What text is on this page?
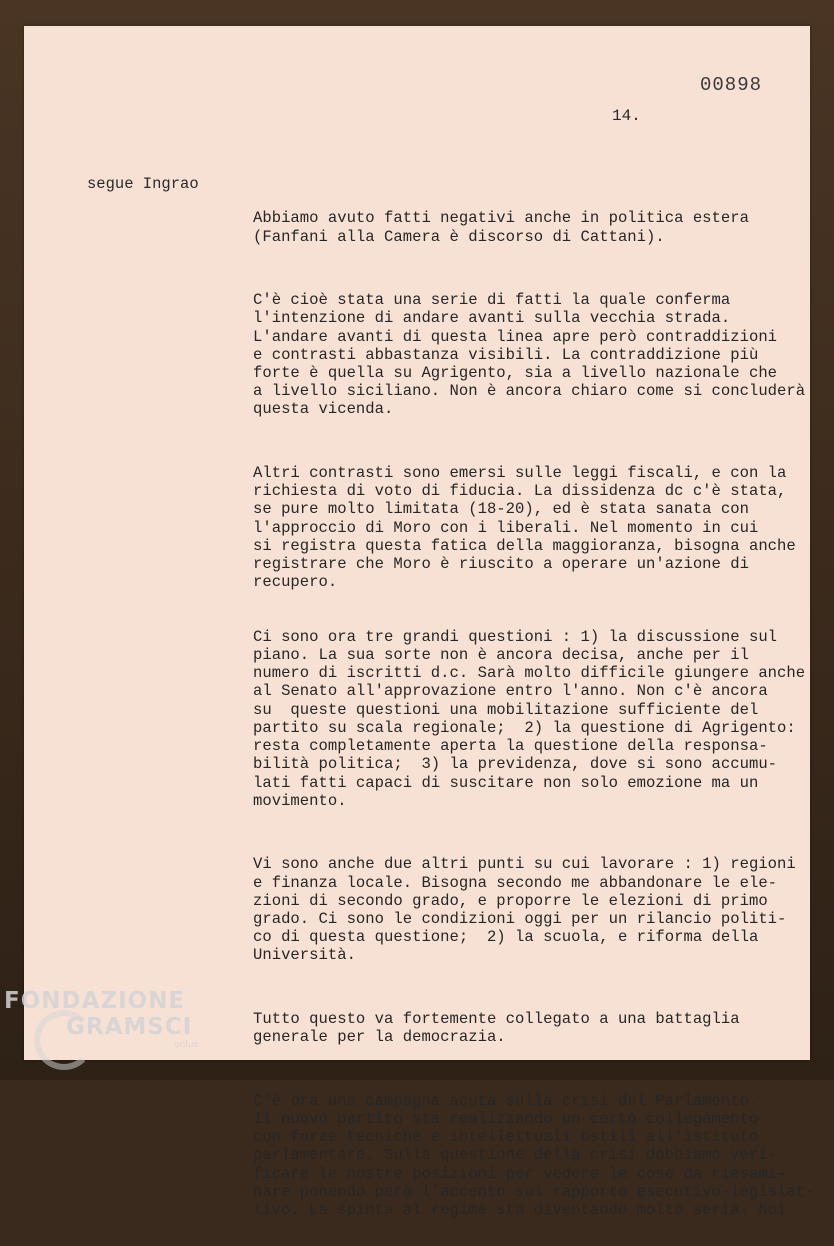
00898
14.
segue Ingrao

Abbiamo avuto fatti negativi anche in politica estera
(Fanfani alla Camera è discorso di Cattani).

C'è cioè stata una serie di fatti la quale conferma
l'intenzione di andare avanti sulla vecchia strada.
L'andare avanti di questa linea apre però contraddizioni
e contrasti abbastanza visibili. La contraddizione più
forte è quella su Agrigento, sia a livello nazionale che
a livello siciliano. Non è ancora chiaro come si concluderà
questa vicenda.

Altri contrasti sono emersi sulle leggi fiscali, e con la
richiesta di voto di fiducia. La dissidenza dc c'è stata,
se pure molto limitata (18-20), ed è stata sanata con
l'approccio di Moro con i liberali. Nel momento in cui
si registra questa fatica della maggioranza, bisogna anche
registrare che Moro è riuscito a operare un'azione di
recupero.

Ci sono ora tre grandi questioni : 1) la discussione sul
piano. La sua sorte non è ancora decisa, anche per il
numero di iscritti d.c. Sarà molto difficile giungere anche
al Senato all'approvazione entro l'anno. Non c'è ancora
su  queste questioni una mobilitazione sufficiente del
partito su scala regionale;  2) la questione di Agrigento:
resta completamente aperta la questione della responsa-
bilità politica;  3) la previdenza, dove si sono accumu-
lati fatti capaci di suscitare non solo emozione ma un
movimento.

Vi sono anche due altri punti su cui lavorare : 1) regioni
e finanza locale. Bisogna secondo me abbandonare le ele-
zioni di secondo grado, e proporre le elezioni di primo
grado. Ci sono le condizioni oggi per un rilancio politi-
co di questa questione;  2) la scuola, e riforma della
Università.

Tutto questo va fortemente collegato a una battaglia
generale per la democrazia.

C'è ora una campagna acuta sulla crisi del Parlamento.
Il nuovo partito sta realizzando un certo collegamento
con forze tecniche e intellettuali ostili all'istituto
parlamentare. Sulla questione della crisi dobbiamo veri-
ficare le nostre posizioni per vedere le cose da riesami-
nare ponendo però l'accento sul rapporto esecutivo-legislat-
tivo. La spinta al regime sta diventando molto seria. Noi

FONDAZIONE
GRAMSCI
onlus
